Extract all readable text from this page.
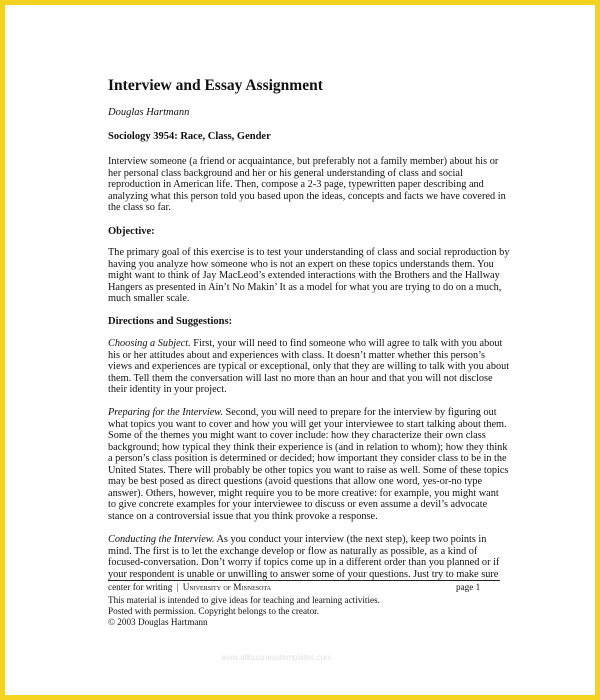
Interview and Essay Assignment
Douglas Hartmann
Sociology 3954: Race, Class, Gender

Interview someone (a friend or acquaintance, but preferably not a family member) about his or
her personal class background and her or his general understanding of class and social
reproduction in American life. Then, compose a 2-3 page, typewritten paper describing and
analyzing what this person told you based upon the ideas, concepts and facts we have covered in
the class so far.

Objective:

The primary goal of this exercise is to test your understanding of class and social reproduction by
having you analyze how someone who is not an expert on these topics understands them. You
might want to think of Jay MacLeod’s extended interactions with the Brothers and the Hallway
Hangers as presented in Ain’t No Makin’ It as a model for what you are trying to do on a much,
much smaller scale.

Directions and Suggestions:

Choosing a Subject. First, your will need to find someone who will agree to talk with you about
his or her attitudes about and experiences with class. It doesn’t matter whether this person’s
views and experiences are typical or exceptional, only that they are willing to talk with you about
them. Tell them the conversation will last no more than an hour and that you will not disclose
their identity in your project.

Preparing for the Interview. Second, you will need to prepare for the interview by figuring out
what topics you want to cover and how you will get your interviewee to start talking about them.
Some of the themes you might want to cover include: how they characterize their own class
background; how typical they think their experience is (and in relation to whom); how they think
a person’s class position is determined or decided; how important they consider class to be in the
United States. There will probably be other topics you want to raise as well. Some of these topics
may be best posed as direct questions (avoid questions that allow one word, yes-or-no type
answer). Others, however, might require you to be more creative: for example, you might want
to give concrete examples for your interviewee to discuss or even assume a devil’s advocate
stance on a controversial issue that you think provoke a response.

Conducting the Interview. As you conduct your interview (the next step), keep two points in
mind. The first is to let the exchange develop or flow as naturally as possible, as a kind of
focused-conversation. Don’t worry if topics come up in a different order than you planned or if
your respondent is unable or unwilling to answer some of your questions. Just try to make sure

center for writing | University of Minnesota	page 1
This material is intended to give ideas for teaching and learning activities.
Posted with permission. Copyright belongs to the creator.
© 2003 Douglas Hartmann
www.allbusinesstemplates.com
